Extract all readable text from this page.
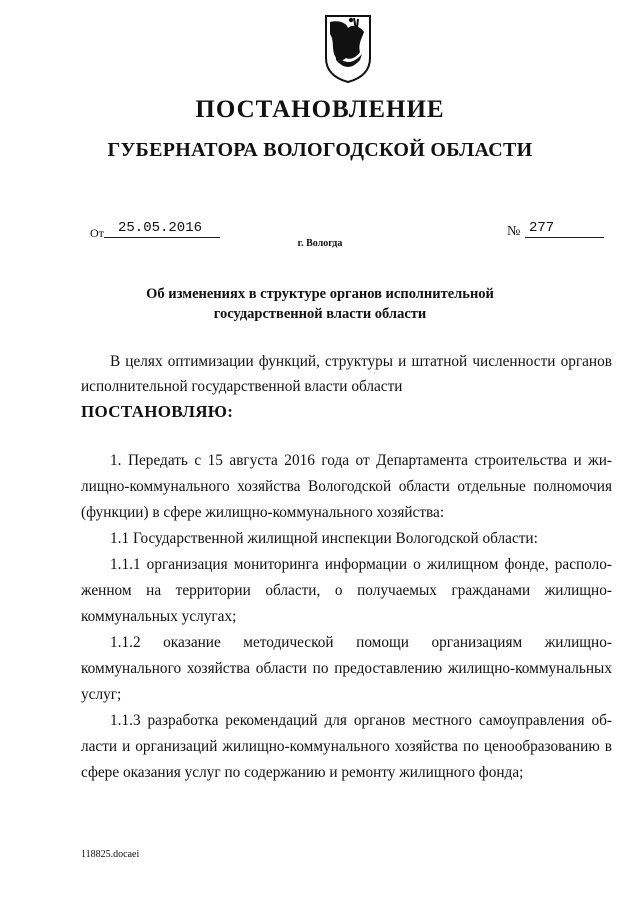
ПОСТАНОВЛЕНИЕ
ГУБЕРНАТОРА ВОЛОГОДСКОЙ ОБЛАСТИ
От 25.05.2016	№ 277
г. Вологда
Об изменениях в структуре органов исполнительной
государственной власти области
В целях оптимизации функций, структуры и штатной численности органов
исполнительной государственной власти области
ПОСТАНОВЛЯЮ:
1. Передать с 15 августа 2016 года от Департамента строительства и жи-
лищно-коммунального хозяйства Вологодской области отдельные полномочия
(функции) в сфере жилищно-коммунального хозяйства:
1.1 Государственной жилищной инспекции Вологодской области:
1.1.1 организация мониторинга информации о жилищном фонде, располо-
женном на территории области, о получаемых гражданами жилищно-
коммунальных услугах;
1.1.2 оказание методической помощи организациям жилищно-
коммунального хозяйства области по предоставлению жилищно-коммунальных
услуг;
1.1.3 разработка рекомендаций для органов местного самоуправления об-
ласти и организаций жилищно-коммунального хозяйства по ценообразованию в
сфере оказания услуг по содержанию и ремонту жилищного фонда;
118825.docaei
